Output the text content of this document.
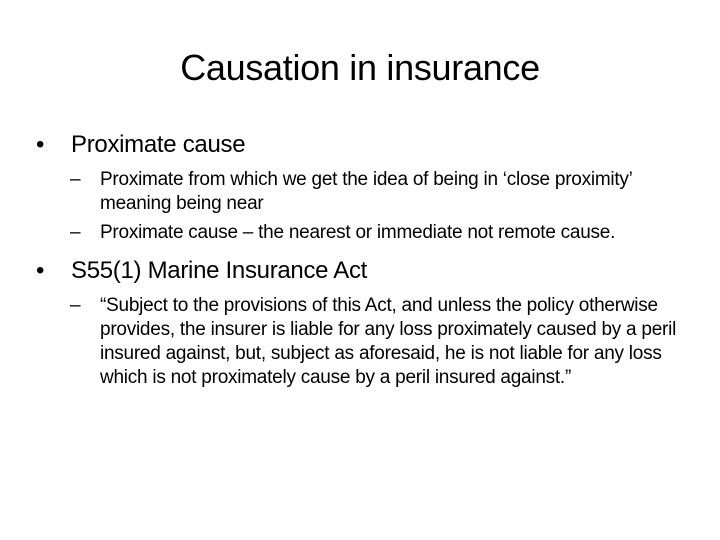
Causation in insurance
•	Proximate cause
– Proximate from which we get the idea of being in ‘close proximity’ meaning being near
– Proximate cause – the nearest or immediate not remote cause.
•	S55(1) Marine Insurance Act
– “Subject to the provisions of this Act, and unless the policy otherwise provides, the insurer is liable for any loss proximately caused by a peril insured against, but, subject as aforesaid, he is not liable for any loss which is not proximately cause by a peril insured against.”
